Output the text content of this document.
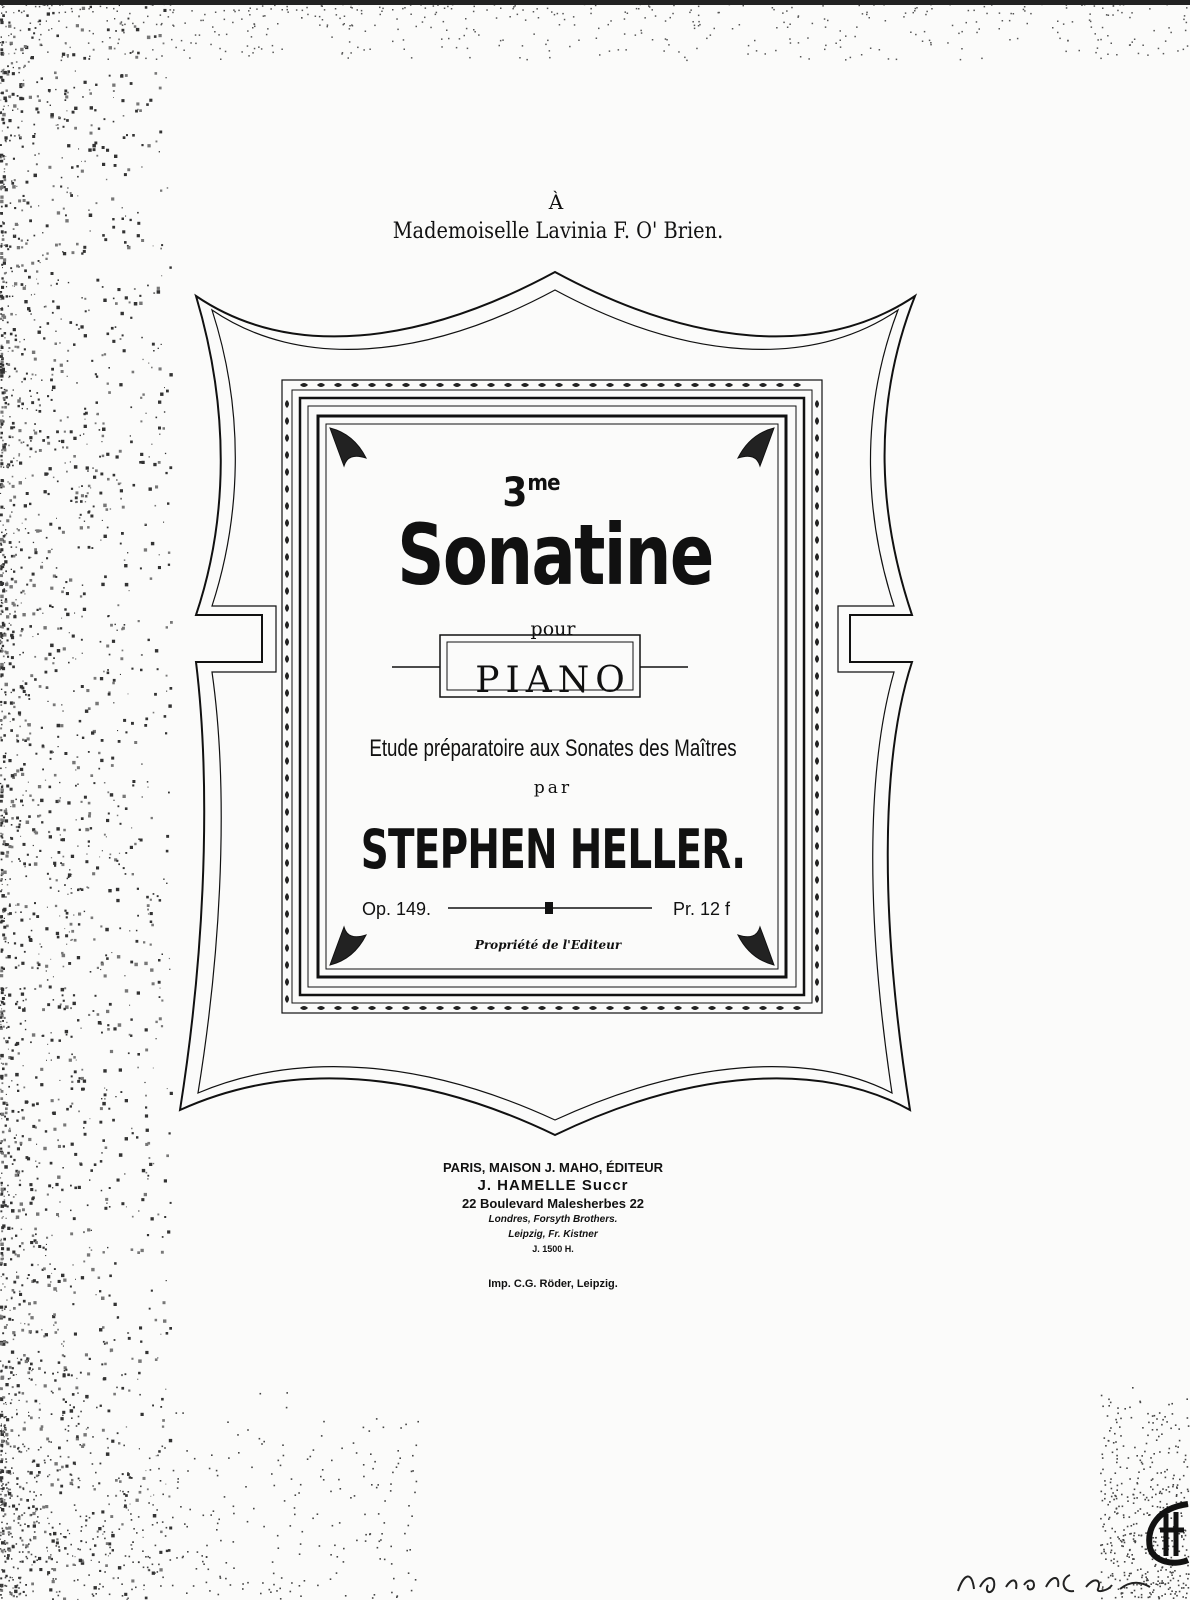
À
Mademoiselle Lavinia F. O' Brien.
$3^{me}$
Sonatine
pour
PIANO
Etude préparatoire aux Sonates des Maîtres
par
STEPHEN HELLER.
Op. 149.	Pr. 12 f
Propriété de l'Editeur
PARIS, MAISON J. MAHO, ÉDITEUR
J. HAMELLE Succr
22 Boulevard Malesherbes 22
Londres, Forsyth Brothers.
Leipzig, Fr. Kistner
J. 1500 H.
Imp. C.G. Röder, Leipzig.
